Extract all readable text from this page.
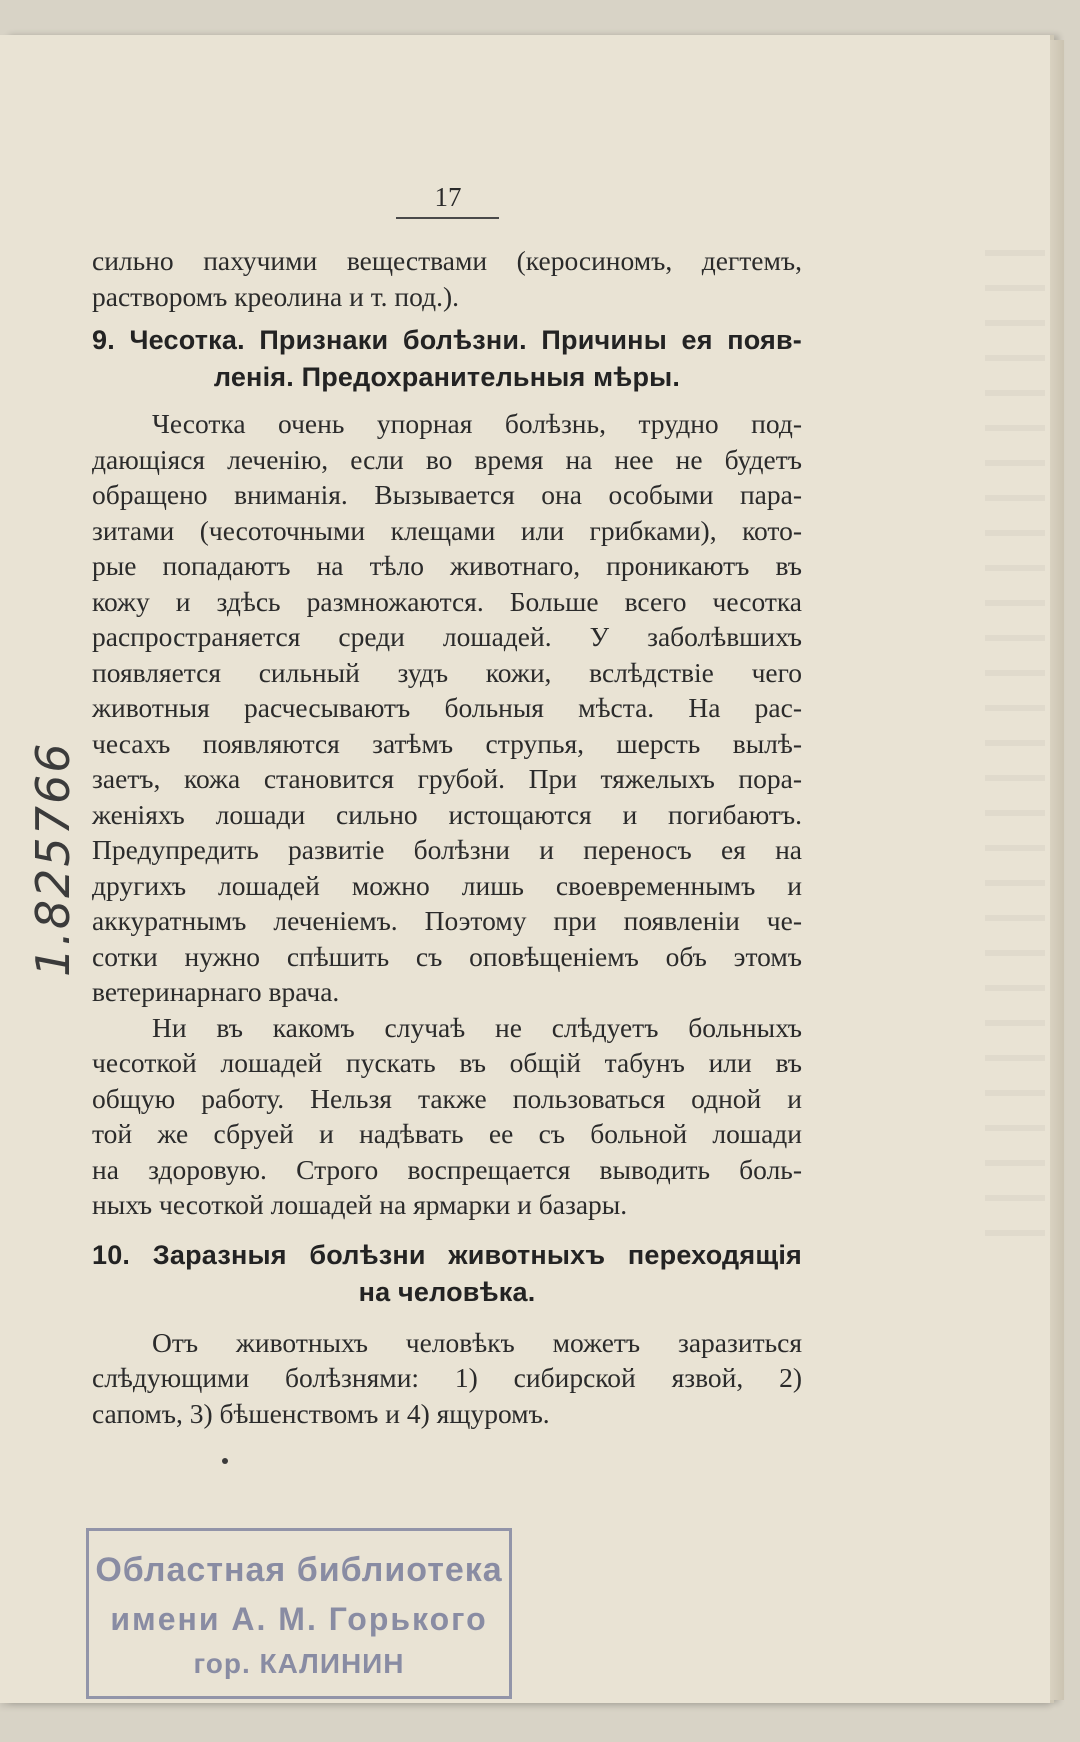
17
сильно пахучими веществами (керосиномъ, дегтемъ,
растворомъ креолина и т. под.).
9. Чесотка. Признаки болѣзни. Причины ея появ-
ленія. Предохранительныя мѣры.
Чесотка очень упорная болѣзнь, трудно под-
дающіяся леченію, если во время на нее не будетъ
обращено вниманія. Вызывается она особыми пара-
зитами (чесоточными клещами или грибками), кото-
рые попадаютъ на тѣло животнаго, проникаютъ въ
кожу и здѣсь размножаются. Больше всего чесотка
распространяется среди лошадей. У заболѣвшихъ
появляется сильный зудъ кожи, вслѣдствіе чего
животныя расчесываютъ больныя мѣста. На рас-
чесахъ появляются затѣмъ струпья, шерсть вылѣ-
заетъ, кожа становится грубой. При тяжелыхъ пора-
женіяхъ лошади сильно истощаются и погибаютъ.
Предупредить развитіе болѣзни и переносъ ея на
другихъ лошадей можно лишь своевременнымъ и
аккуратнымъ леченіемъ. Поэтому при появленіи че-
сотки нужно спѣшить съ оповѣщеніемъ объ этомъ
ветеринарнаго врача.
Ни въ какомъ случаѣ не слѣдуетъ больныхъ
чесоткой лошадей пускать въ общій табунъ или въ
общую работу. Нельзя также пользоваться одной и
той же сбруей и надѣвать ее съ больной лошади
на здоровую. Строго воспрещается выводить боль-
ныхъ чесоткой лошадей на ярмарки и базары.
10. Заразныя болѣзни животныхъ переходящія
на человѣка.
Отъ животныхъ человѣкъ можетъ заразиться
слѣдующими болѣзнями: 1) сибирской язвой, 2)
сапомъ, 3) бѣшенствомъ и 4) ящуромъ.
1.825766
Областная библиотека
имени А. М. Горького
гор. КАЛИНИН
